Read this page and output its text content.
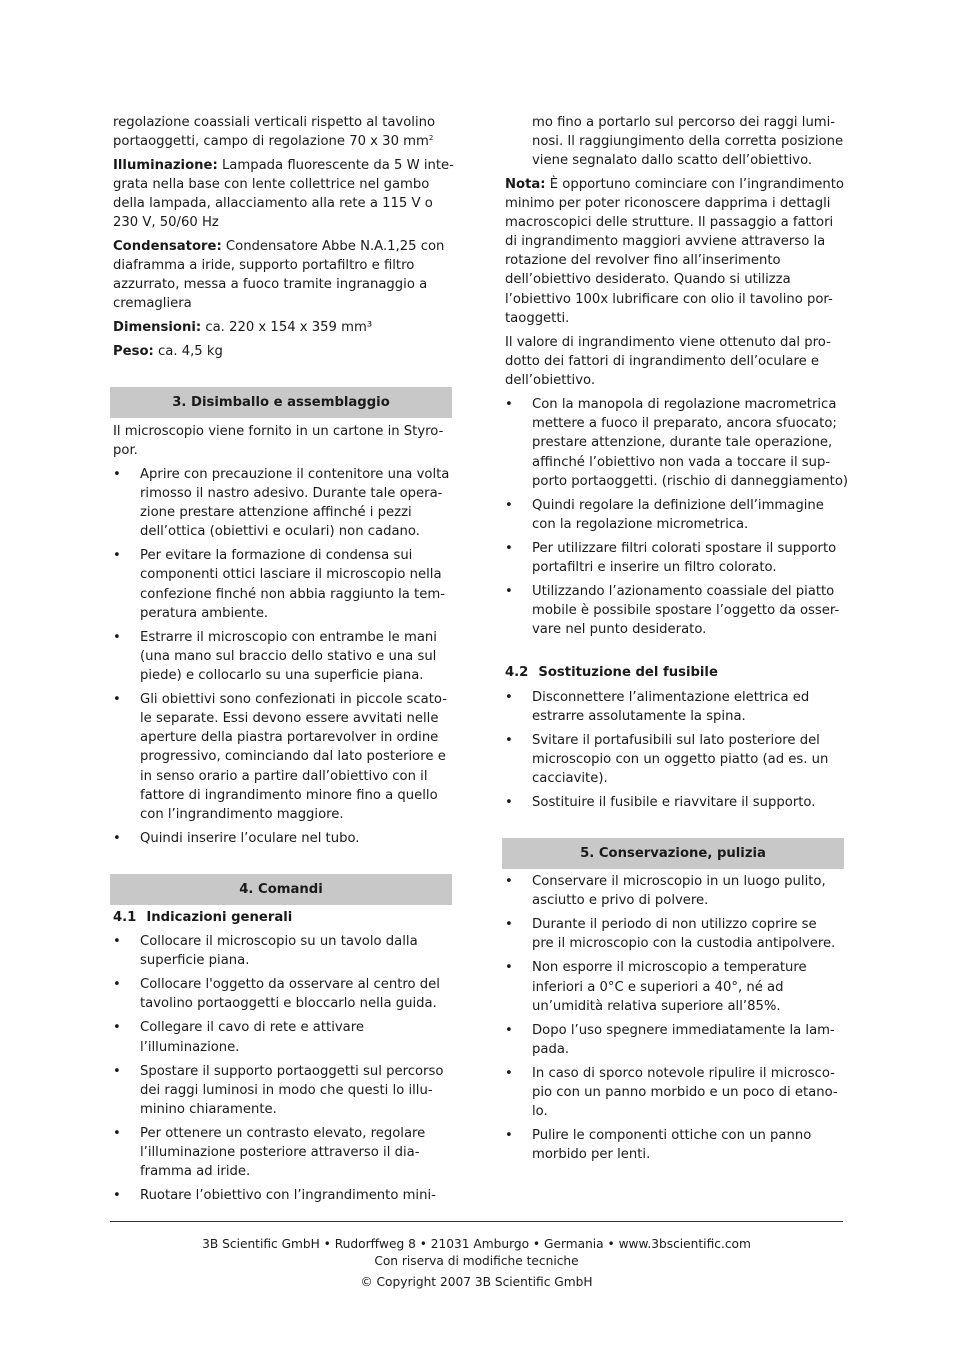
regolazione coassiali verticali rispetto al tavolino

portaoggetti, campo di regolazione 70 x 30 $mm^2$

Illuminazione: Lampada fluorescente da 5 W inte-

grata nella base con lente collettrice nel gambo

della lampada, allacciamento alla rete a 115 V o

230 V, 50/60 Hz

Condensatore: Condensatore Abbe N.A.1,25 con

diaframma a iride, supporto portafiltro e filtro

azzurrato, messa a fuoco tramite ingranaggio a

cremagliera

Dimensioni: ca. 220 x 154 x 359 mm³

Peso: ca. 4,5 kg

Il microscopio viene fornito in un cartone in Styro-

por.

•	Aprire con precauzione il contenitore una volta

rimosso il nastro adesivo. Durante tale opera-

zione prestare attenzione affinché i pezzi

dell’ottica (obiettivi e oculari) non cadano.

•	Per evitare la formazione di condensa sui

componenti ottici lasciare il microscopio nella

confezione finché non abbia raggiunto la tem-

peratura ambiente.

•	Estrarre il microscopio con entrambe le mani

(una mano sul braccio dello stativo e una sul

piede) e collocarlo su una superficie piana.

•	Gli obiettivi sono confezionati in piccole scato-

le separate. Essi devono essere avvitati nelle

aperture della piastra portarevolver in ordine

progressivo, cominciando dal lato posteriore e

in senso orario a partire dall’obiettivo con il

fattore di ingrandimento minore fino a quello

con l’ingrandimento maggiore.

•	Quindi inserire l’oculare nel tubo.

4.1 Indicazioni generali

•	Collocare il microscopio su un tavolo dalla

superficie piana.

•	Collocare l'oggetto da osservare al centro del

tavolino portaoggetti e bloccarlo nella guida.

•	Collegare il cavo di rete e attivare

l’illuminazione.

•	Spostare il supporto portaoggetti sul percorso

dei raggi luminosi in modo che questi lo illu-

minino chiaramente.

•	Per ottenere un contrasto elevato, regolare

l’illuminazione posteriore attraverso il dia-

framma ad iride.

•	Ruotare l’obiettivo con l’ingrandimento mini-

3. Disimballo e assemblaggio
4. Comandi
5. Conservazione, pulizia

mo fino a portarlo sul percorso dei raggi lumi-

nosi. Il raggiungimento della corretta posizione

viene segnalato dallo scatto dell’obiettivo.

Nota: È opportuno cominciare con l’ingrandimento

minimo per poter riconoscere dapprima i dettagli

macroscopici delle strutture. Il passaggio a fattori

di ingrandimento maggiori avviene attraverso la

rotazione del revolver fino all’inserimento

dell’obiettivo desiderato. Quando si utilizza

l’obiettivo 100x lubrificare con olio il tavolino por-

taoggetti.

Il valore di ingrandimento viene ottenuto dal pro-

dotto dei fattori di ingrandimento dell’oculare e

dell’obiettivo.

•	Con la manopola di regolazione macrometrica

mettere a fuoco il preparato, ancora sfuocato;

prestare attenzione, durante tale operazione,

affinché l’obiettivo non vada a toccare il sup-

porto portaoggetti. (rischio di danneggiamento)

•	Quindi regolare la definizione dell’immagine

con la regolazione micrometrica.

•	Per utilizzare filtri colorati spostare il supporto

portafiltri e inserire un filtro colorato.

•	Utilizzando l’azionamento coassiale del piatto

mobile è possibile spostare l’oggetto da osser-

vare nel punto desiderato.

4.2 Sostituzione del fusibile

•	Disconnettere l’alimentazione elettrica ed

estrarre assolutamente la spina.

•	Svitare il portafusibili sul lato posteriore del

microscopio con un oggetto piatto (ad es. un

cacciavite).

•	Sostituire il fusibile e riavvitare il supporto.

•	Conservare il microscopio in un luogo pulito,

asciutto e privo di polvere.

•	Durante il periodo di non utilizzo coprire se

pre il microscopio con la custodia antipolvere.

•	Non esporre il microscopio a temperature

inferiori a 0°C e superiori a 40°, né ad

un’umidità relativa superiore all’85%.

•	Dopo l’uso spegnere immediatamente la lam-

pada.

•	In caso di sporco notevole ripulire il microsco-

pio con un panno morbido e un poco di etano-

lo.

•	Pulire le componenti ottiche con un panno

morbido per lenti.

3B Scientific GmbH • Rudorffweg 8 • 21031 Amburgo • Germania • www.3bscientific.com
Con riserva di modifiche tecniche
© Copyright 2007 3B Scientific GmbH
